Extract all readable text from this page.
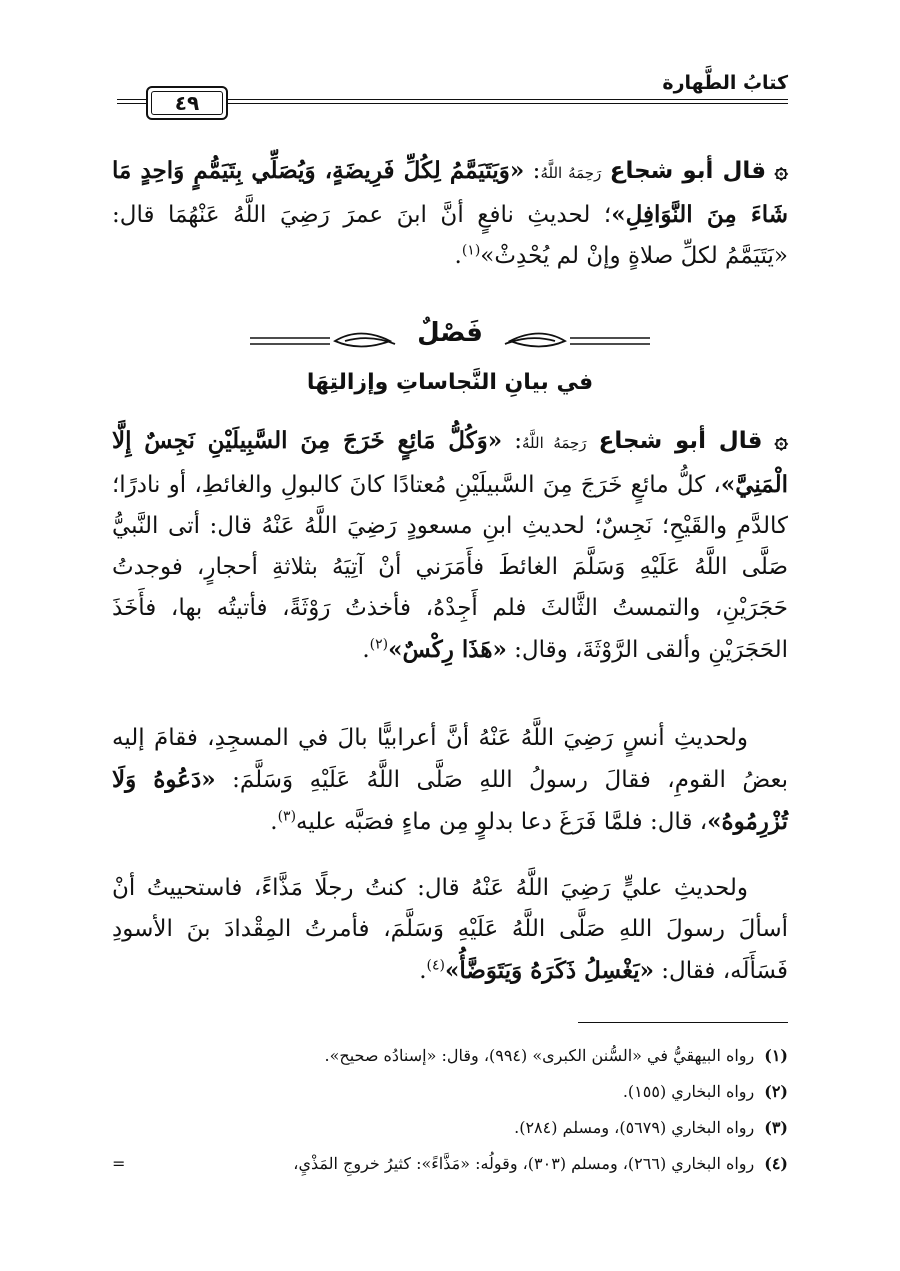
كتابُ الطَّهارة
٤٩
۞ قال أبو شجاع رَحِمَهُ اللَّهُ: «وَيَتَيَمَّمُ لِكُلِّ فَرِيضَةٍ، وَيُصَلِّي بِتَيَمُّمٍ وَاحِدٍ مَا شَاءَ مِنَ النَّوَافِلِ»؛ لحديثِ نافعٍ أنَّ ابنَ عمرَ رَضِيَ اللَّهُ عَنْهُمَا قال: «يَتَيَمَّمُ لكلِّ صلاةٍ وإنْ لم يُحْدِثْ»$^{(١)}$.
فَصْلٌ
في بيانِ النَّجاساتِ وإزالتِهَا
۞ قال أبو شجاع رَحِمَهُ اللَّهُ: «وَكُلُّ مَائِعٍ خَرَجَ مِنَ السَّبِيلَيْنِ نَجِسٌ إِلَّا الْمَنِيَّ»، كلُّ مائعٍ خَرَجَ مِنَ السَّبيلَيْنِ مُعتادًا كانَ كالبولِ والغائطِ، أو نادرًا؛ كالدَّمِ والقَيْحِ؛ نَجِسٌ؛ لحديثِ ابنِ مسعودٍ رَضِيَ اللَّهُ عَنْهُ قال: أتى النَّبيُّ صَلَّى اللَّهُ عَلَيْهِ وَسَلَّمَ الغائطَ فأَمَرَني أنْ آتِيَهُ بثلاثةِ أحجارٍ، فوجدتُ حَجَرَيْنِ، والتمستُ الثَّالثَ فلم أَجِدْهُ، فأخذتُ رَوْثَةً، فأتيتُه بها، فأَخَذَ الحَجَرَيْنِ وألقى الرَّوْثَةَ، وقال: «هَذَا رِكْسٌ»$^{(٢)}$.
ولحديثِ أنسٍ رَضِيَ اللَّهُ عَنْهُ أنَّ أعرابيًّا بالَ في المسجِدِ، فقامَ إليه بعضُ القومِ، فقالَ رسولُ اللهِ صَلَّى اللَّهُ عَلَيْهِ وَسَلَّمَ: «دَعُوهُ وَلَا تُزْرِمُوهُ»، قال: فلمَّا فَرَغَ دعا بدلوٍ مِن ماءٍ فصَبَّه عليه$^{(٣)}$.
ولحديثِ عليٍّ رَضِيَ اللَّهُ عَنْهُ قال: كنتُ رجلًا مَذَّاءً، فاستحييتُ أنْ أسألَ رسولَ اللهِ صَلَّى اللَّهُ عَلَيْهِ وَسَلَّمَ، فأمرتُ المِقْدادَ بنَ الأسودِ فَسَأَلَه، فقال: «يَغْسِلُ ذَكَرَهُ وَيَتَوَضَّأُ»$^{(٤)}$.
(١)رواه البيهقيُّ في «السُّنن الكبرى» (٩٩٤)، وقال: «إسنادُه صحيح».
(٢)رواه البخاري (١٥٥).
(٣)رواه البخاري (٥٦٧٩)، ومسلم (٢٨٤).
(٤)رواه البخاري (٢٦٦)، ومسلم (٣٠٣)، وقولُه: «مَذَّاءً»: كثيرُ خروجِ المَذْيِ،
=
